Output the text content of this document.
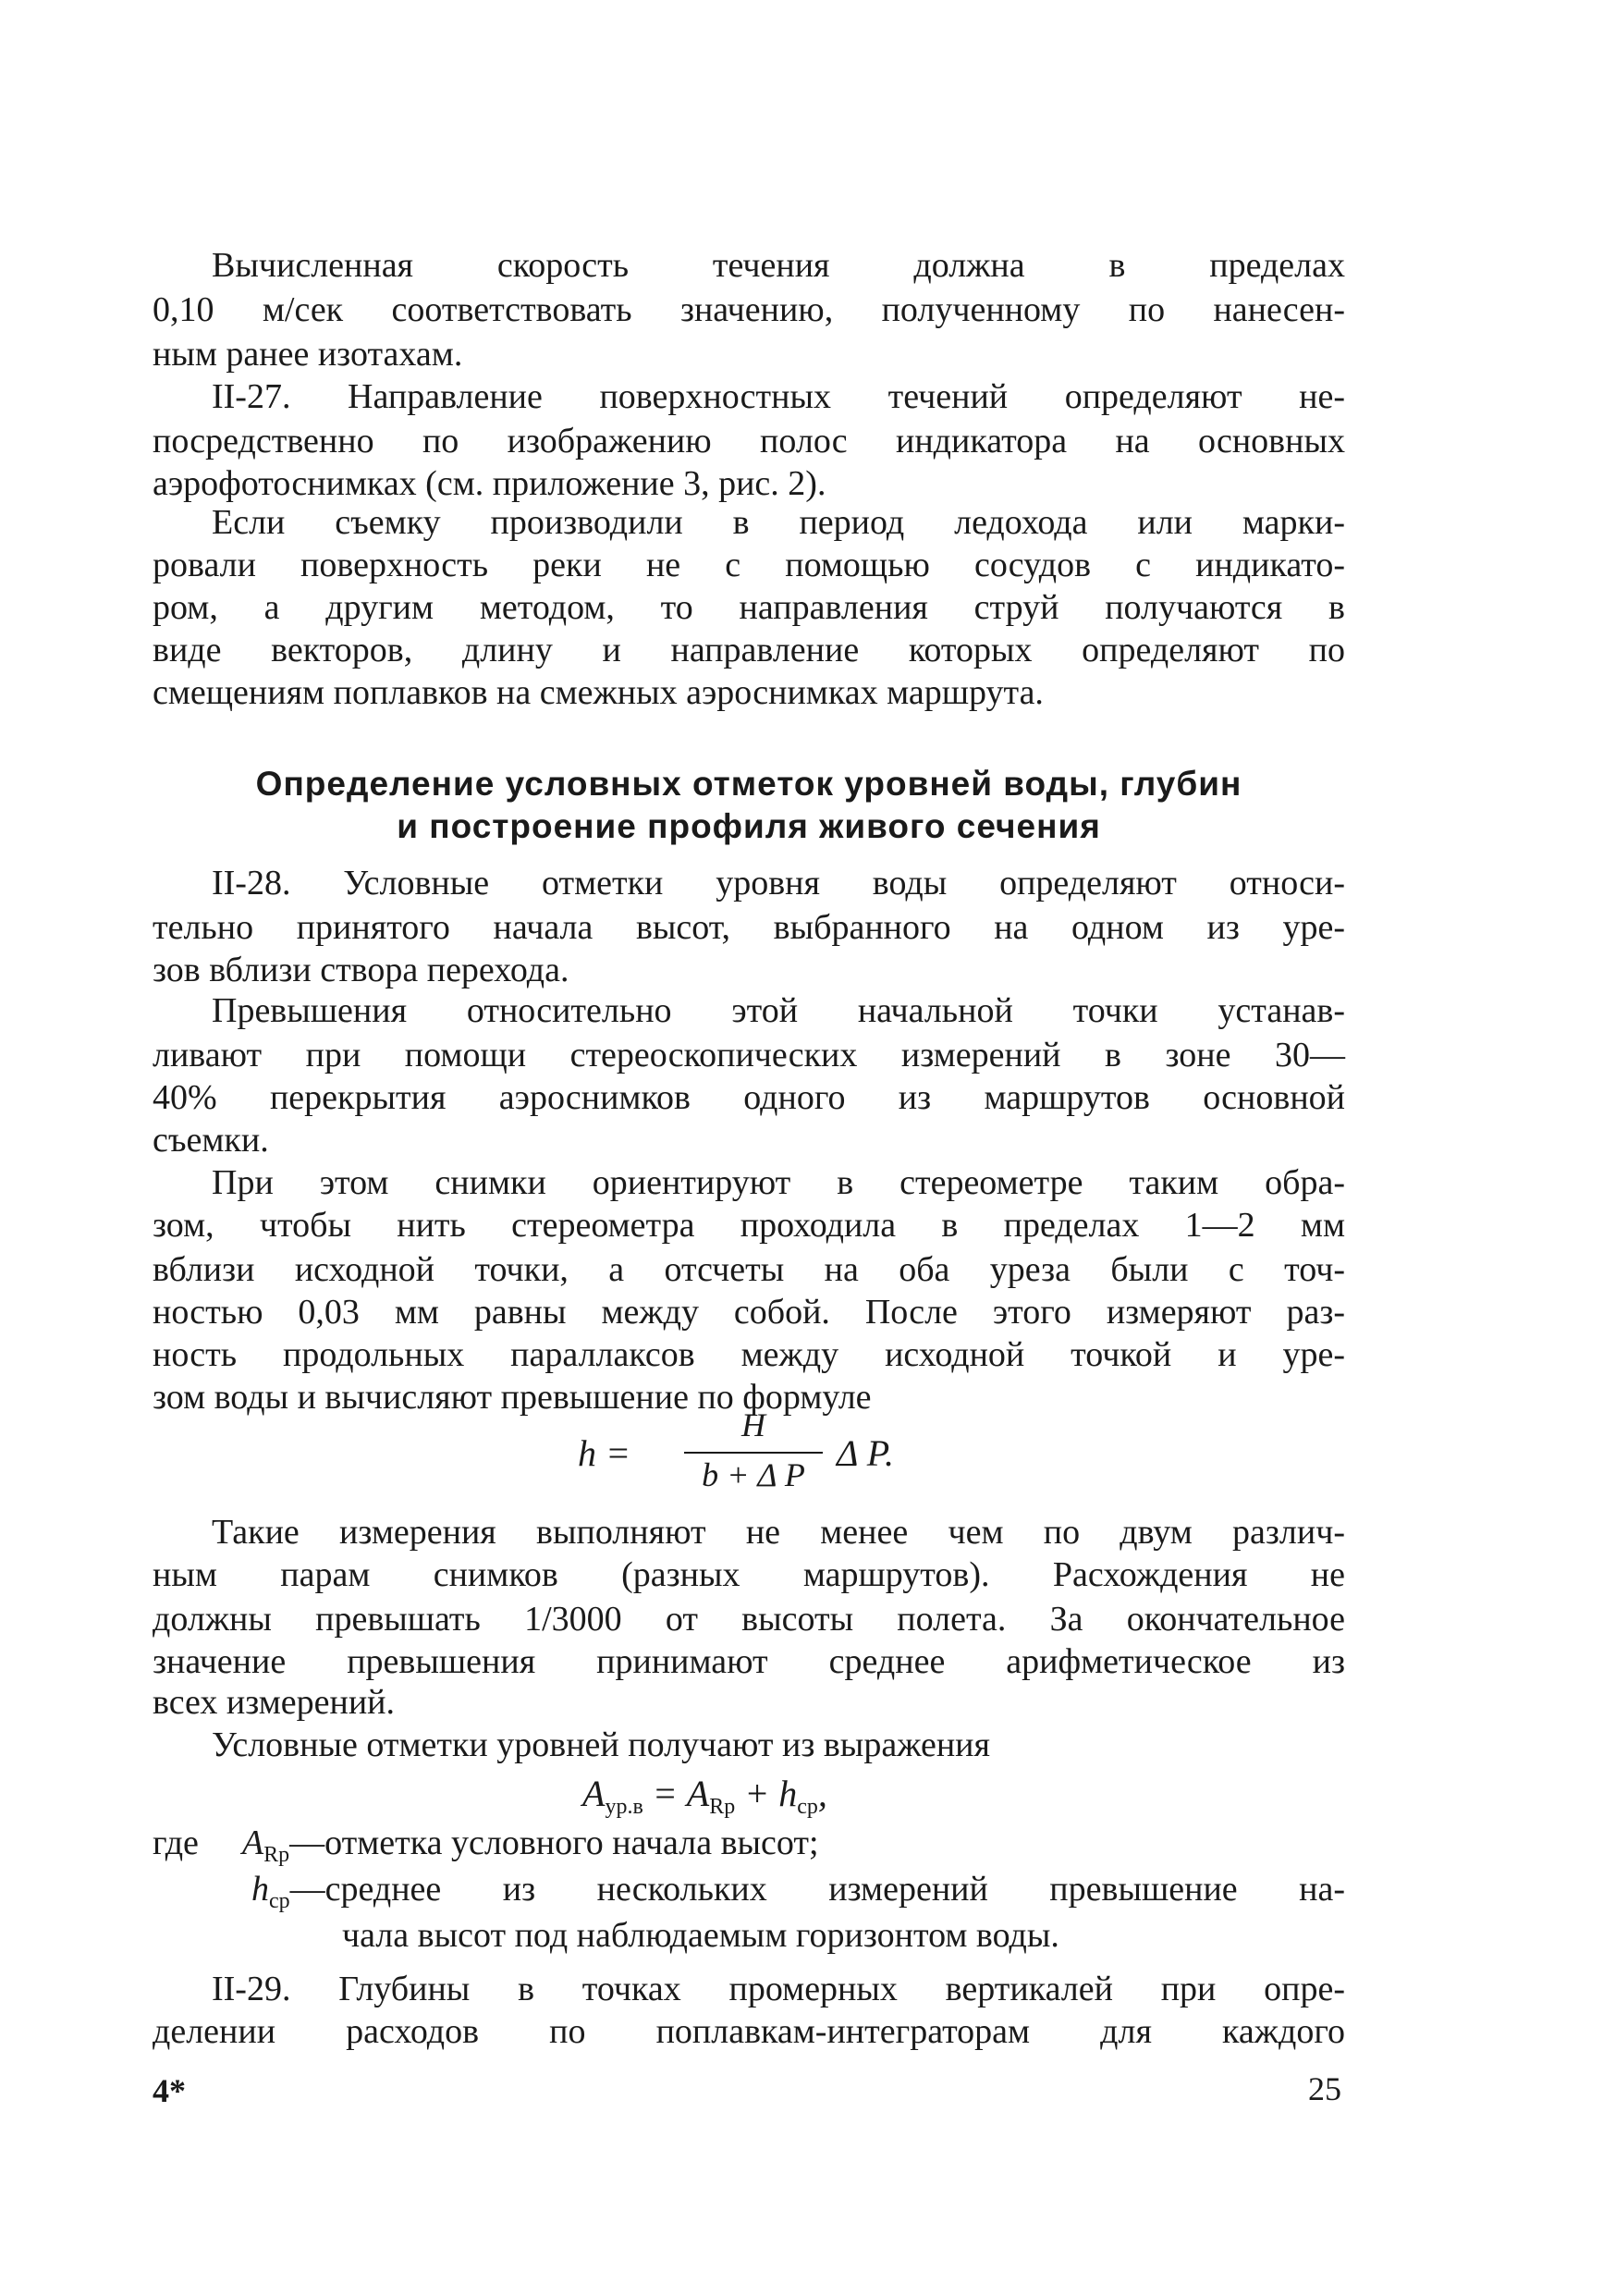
Вычисленная скорость течения должна в пределах
0,10 м/сек соответствовать значению, полученному по нанесен-
ным ранее изотахам.
II-27. Направление поверхностных течений определяют не-
посредственно по изображению полос индикатора на основных
аэрофотоснимках (см. приложение 3, рис. 2).
Если съемку производили в период ледохода или марки-
ровали поверхность реки не с помощью сосудов с индикато-
ром, а другим методом, то направления струй получаются в
виде векторов, длину и направление которых определяют по
смещениям поплавков на смежных аэроснимках маршрута.
Определение условных отметок уровней воды, глубин
и построение профиля живого сечения
II-28. Условные отметки уровня воды определяют относи-
тельно принятого начала высот, выбранного на одном из уре-
зов вблизи створа перехода.
Превышения относительно этой начальной точки устанав-
ливают при помощи стереоскопических измерений в зоне 30—
40% перекрытия аэроснимков одного из маршрутов основной
съемки.
При этом снимки ориентируют в стереометре таким обра-
зом, чтобы нить стереометра проходила в пределах 1—2 мм
вблизи исходной точки, а отсчеты на оба уреза были с точ-
ностью 0,03 мм равны между собой. После этого измеряют раз-
ность продольных параллаксов между исходной точкой и уре-
зом воды и вычисляют превышение по формуле
h =
H
b + Δ P
Δ P.
Такие измерения выполняют не менее чем по двум различ-
ным парам снимков (разных маршрутов). Расхождения не
должны превышать 1/3000 от высоты полета. За окончательное
значение превышения принимают среднее арифметическое из
всех измерений.
Условные отметки уровней получают из выражения
$A_{ур.в} = A_{Rр} + h_{ср}$,
где $A_{Rр}—отметка$ условного начала высот;
$h_{ср}—среднее$ из нескольких измерений превышение на-
чала высот под наблюдаемым горизонтом воды.
II-29. Глубины в точках промерных вертикалей при опре-
делении расходов по поплавкам-интеграторам для каждого
4*	25
